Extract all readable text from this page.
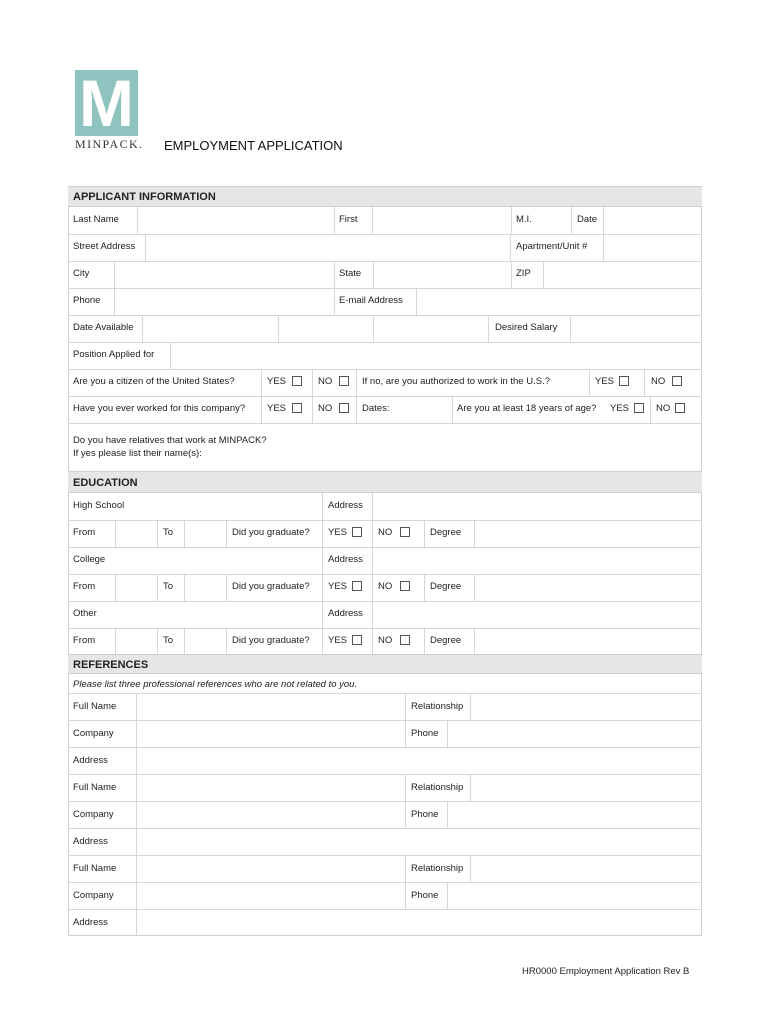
M
MINPACK. EMPLOYMENT APPLICATION
APPLICANT INFORMATION
Last Name	First	M.I.	Date
Street Address	Apartment/Unit #
City	State	ZIP
Phone	E-mail Address
Date Available	Desired Salary
Position Applied for
Are you a citizen of the United States?	YES	NO	If no, are you authorized to work in the U.S.?	YES	NO
Have you ever worked for this company? YES	NO	Dates:	Are you at least 18 years of age? YES	NO
Do you have relatives that work at MINPACK?
If yes please list their name(s):
EDUCATION
High School	Address
From	To	Did you graduate? YES	NO	Degree
College	Address
From	To	Did you graduate? YES	NO	Degree
Other	Address
From	To	Did you graduate? YES	NO	Degree
REFERENCES
Please list three professional references who are not related to you.
Full Name	Relationship
Company	Phone
Address
Full Name	Relationship
Company	Phone
Address
Full Name	Relationship
Company	Phone
Address
HR0000 Employment Application Rev B
